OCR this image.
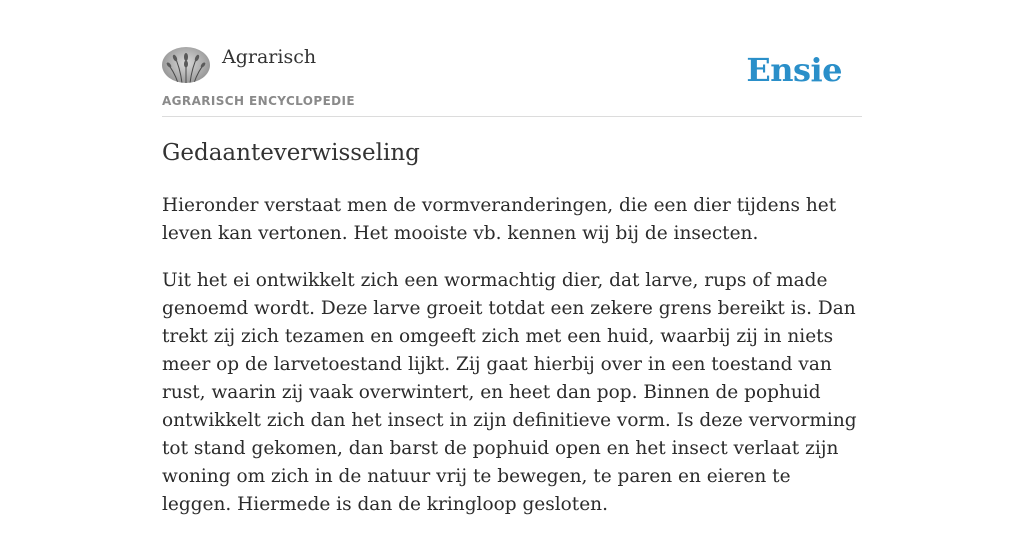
Agrarisch
AGRARISCH ENCYCLOPEDIE
Ensie
Gedaanteverwisseling

Hieronder verstaat men de vormveranderingen, die een dier tijdens het leven kan vertonen. Het mooiste vb. kennen wij bij de insecten.

Uit het ei ontwikkelt zich een wormachtig dier, dat larve, rups of made genoemd wordt. Deze larve groeit totdat een zekere grens bereikt is. Dan trekt zij zich tezamen en omgeeft zich met een huid, waarbij zij in niets meer op de larvetoestand lijkt. Zij gaat hierbij over in een toestand van rust, waarin zij vaak overwintert, en heet dan pop. Binnen de pophuid ontwikkelt zich dan het insect in zijn definitieve vorm. Is deze vervorming tot stand gekomen, dan barst de pophuid open en het insect verlaat zijn woning om zich in de natuur vrij te bewegen, te paren en eieren te leggen. Hiermede is dan de kringloop gesloten.
